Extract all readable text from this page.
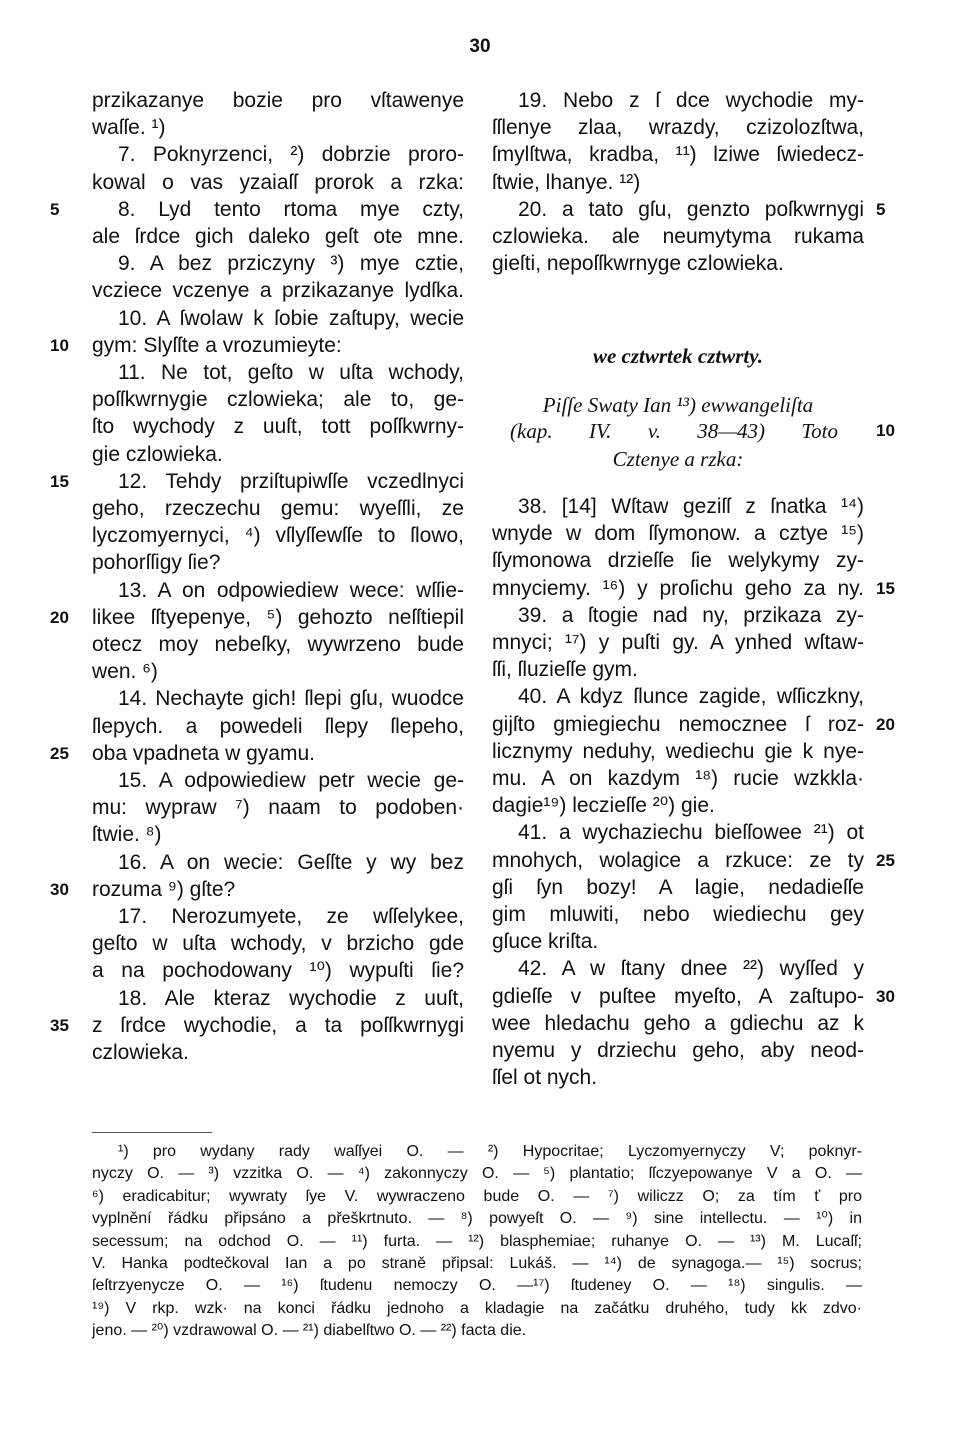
30
przikazanye bozie pro vſtawenye
waſſe. ¹)
7. Poknyrzenci, ²) dobrzie proro-
kowal o vas yzaiaſſ prorok a rzka:
8. Lyd tento rtoma mye czty,
ale ſrdce gich daleko geſt ote mne.
9. A bez prziczyny ³) mye cztie,
vcziece vczenye a przikazanye lydſka.
10. A ſwolaw k ſobie zaſtupy, wecie
gym: Slyſſte a vrozumieyte:
11. Ne tot, geſto w uſta wchody,
poſſkwrnygie czlowieka; ale to, ge-
ſto wychody z uuſt, tott poſſkwrny-
gie czlowieka.
12. Tehdy prziſtupiwſſe vczedlnyci
geho, rzeczechu gemu: wyeſſli, ze
lyczomyernyci, ⁴) vſlyſſewſſe to ſlowo,
pohorſſigy ſie?
13. A on odpowiediew wece: wſſie-
likee ſſtyepenye, ⁵) gehozto neſſtiepil
otecz moy nebeſky, wywrzeno bude
wen. ⁶)
14. Nechayte gich! ſlepi gſu, wuodce
ſlepych. a powedeli ſlepy ſlepeho,
oba vpadneta w gyamu.
15. A odpowiediew petr wecie ge-
mu: wypraw ⁷) naam to podoben·
ſtwie. ⁸)
16. A on wecie: Geſſte y wy bez
rozuma ⁹) gſte?
17. Nerozumyete, ze wſſelykee,
geſto w uſta wchody, v brzicho gde
a na pochodowany ¹⁰) wypuſti ſie?
18. Ale kteraz wychodie z uuſt,
z ſrdce wychodie, a ta poſſkwrnygi
czlowieka.
19. Nebo z ſ dce wychodie my-
ſſlenye zlaa, wrazdy, czizolozſtwa,
ſmylſtwa, kradba, ¹¹) lziwe ſwiedecz-
ſtwie, lhanye. ¹²)
20. a tato gſu, genzto poſkwrnygi
czlowieka. ale neumytyma rukama
gieſti, nepoſſkwrnyge czlowieka.
we cztwrtek cztwrty.
Piſſe Swaty Ian ¹³) ewwangeliſta
(kap. IV. v. 38—43) Toto
Cztenye a rzka:
38. [14] Wſtaw geziſſ z ſnatka ¹⁴)
wnyde w dom ſſymonow. a cztye ¹⁵)
ſſymonowa drzieſſe ſie welykymy zy-
mnyciemy. ¹⁶) y proſichu geho za ny.
39. a ſtogie nad ny, przikaza zy-
mnyci; ¹⁷) y puſti gy. A ynhed wſtaw-
ſſi, ſluzieſſe gym.
40. A kdyz ſlunce zagide, wſſiczkny,
gijſto gmiegiechu nemocznee ſ roz-
licznymy neduhy, wediechu gie k nye-
mu. A on kazdym ¹⁸) rucie wzkkla·
dagie¹⁹) leczieſſe ²⁰) gie.
41. a wychaziechu bieſſowee ²¹) ot
mnohych, wolagice a rzkuce: ze ty
gſi ſyn bozy! A lagie, nedadieſſe
gim mluwiti, nebo wiediechu gey
gſuce kriſta.
42. A w ſtany dnee ²²) wyſſed y
gdieſſe v puſtee myeſto, A zaſtupo-
wee hledachu geho a gdiechu az k
nyemu y drziechu geho, aby neod-
ſſel ot nych.
5
10
15
20
25
30
35
5
10
15
20
25
30
¹) pro wydany rady waſſyei O. — ²) Hypocritae; Lyczomyernyczy V; poknyr-
nyczy O. — ³) vzzitka O. — ⁴) zakonnyczy O. — ⁵) plantatio; ſſczyepowanye V a O. —
⁶) eradicabitur; wywraty ſye V. wywraczeno bude O. — ⁷) wiliczz O; za tím ť pro
vyplnění řádku připsáno a přeškrtnuto. — ⁸) powyeſt O. — ⁹) sine intellectu. — ¹⁰) in
secessum; na odchod O. — ¹¹) furta. — ¹²) blasphemiae; ruhanye O. — ¹³) M. Lucaſſ;
V. Hanka podtečkoval Ian a po straně připsal: Lukáš. — ¹⁴) de synagoga.— ¹⁵) socrus;
ſeſtrzyenycze O. — ¹⁶) ſtudenu nemoczy O. —¹⁷) ſtudeney O. — ¹⁸) singulis. —
¹⁹) V rkp. wzk· na konci řádku jednoho a kladagie na začátku druhého, tudy kk zdvo·
jeno. — ²⁰) vzdrawowal O. — ²¹) diabelſtwo O. — ²²) facta die.
